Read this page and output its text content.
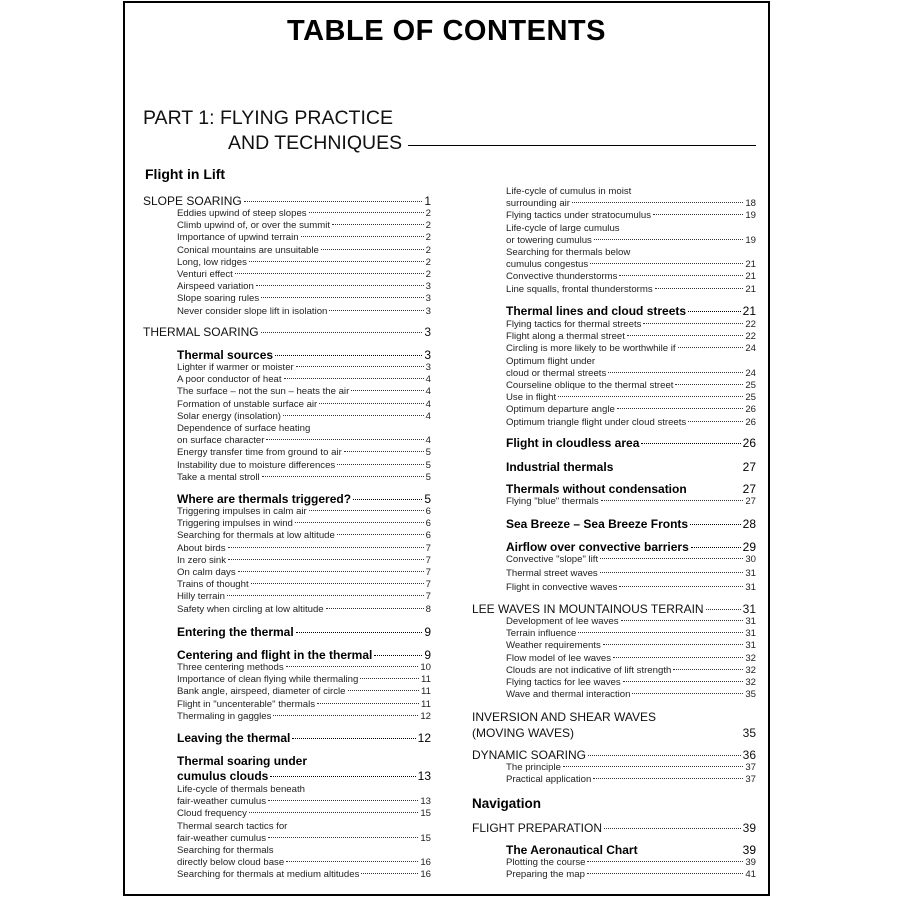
TABLE OF CONTENTS
PART 1: FLYING PRACTICE
AND TECHNIQUES
Flight in Lift
SLOPE SOARING	1
Eddies upwind of steep slopes	2
Climb upwind of, or over the summit	2
Importance of upwind terrain	2
Conical mountains are unsuitable	2
Long, low ridges	2
Venturi effect	2
Airspeed variation	3
Slope soaring rules	3
Never consider slope lift in isolation	3
THERMAL SOARING	3
Thermal sources	3
Lighter if warmer or moister	3
A poor conductor of heat	4
The surface – not the sun – heats the air	4
Formation of unstable surface air	4
Solar energy (insolation)	4
Dependence of surface heating
on surface character	4
Energy transfer time from ground to air	5
Instability due to moisture differences	5
Take a mental stroll	5
Where are thermals triggered?	5
Triggering impulses in calm air	6
Triggering impulses in wind	6
Searching for thermals at low altitude	6
About birds	7
In zero sink	7
On calm days	7
Trains of thought	7
Hilly terrain	7
Safety when circling at low altitude	8
Entering the thermal	9
Centering and flight in the thermal	9
Three centering methods	10
Importance of clean flying while thermaling	11
Bank angle, airspeed, diameter of circle	11
Flight in "uncenterable" thermals	11
Thermaling in gaggles	12
Leaving the thermal	12
Thermal soaring under
cumulus clouds	13
Life-cycle of thermals beneath
fair-weather cumulus	13
Cloud frequency	15
Thermal search tactics for
fair-weather cumulus	15
Searching for thermals
directly below cloud base	16
Searching for thermals at medium altitudes	16
Life-cycle of cumulus in moist
surrounding air	18
Flying tactics under stratocumulus	19
Life-cycle of large cumulus
or towering cumulus	19
Searching for thermals below
cumulus congestus	21
Convective thunderstorms	21
Line squalls, frontal thunderstorms	21
Thermal lines and cloud streets	21
Flying tactics for thermal streets	22
Flight along a thermal street	22
Circling is more likely to be worthwhile if	24
Optimum flight under
cloud or thermal streets	24
Courseline oblique to the thermal street	25
Use in flight	25
Optimum departure angle	26
Optimum triangle flight under cloud streets	26
Flight in cloudless area	26
Industrial thermals	27
Thermals without condensation	27
Flying "blue" thermals	27
Sea Breeze – Sea Breeze Fronts	28
Airflow over convective barriers	29
Convective "slope" lift	30
Thermal street waves	31
Flight in convective waves	31
LEE WAVES IN MOUNTAINOUS TERRAIN	31
Development of lee waves	31
Terrain influence	31
Weather requirements	31
Flow model of lee waves	32
Clouds are not indicative of lift strength	32
Flying tactics for lee waves	32
Wave and thermal interaction	35
INVERSION AND SHEAR WAVES
(MOVING WAVES)	35
DYNAMIC SOARING	36
The principle	37
Practical application	37
Navigation
FLIGHT PREPARATION	39
The Aeronautical Chart	39
Plotting the course	39
Preparing the map	41
